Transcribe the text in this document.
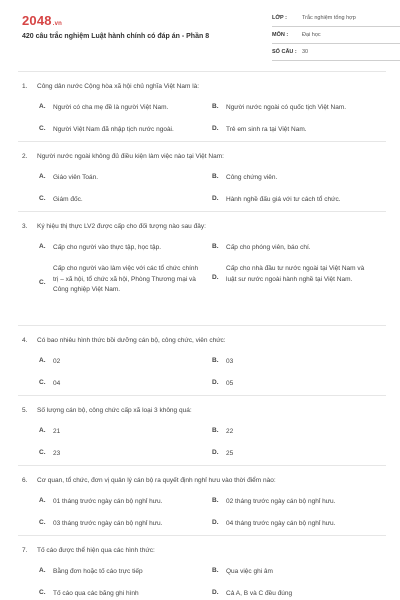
2048.vn
420 câu trắc nghiệm Luật hành chính có đáp án - Phần 8
LỚP :	Trắc nghiệm tổng hợp
MÔN :	Đại học
SỐ CÂU : 30
1. Công dân nước Cộng hòa xã hội chủ nghĩa Việt Nam là:
A. Người có cha mẹ đề là người Việt Nam.	B. Người nước ngoài có quốc tịch Việt Nam.
C. Người Việt Nam đã nhập tịch nước ngoài.	D. Trẻ em sinh ra tại Việt Nam.
2. Người nước ngoài không đủ điều kiện làm việc nào tại Việt Nam:
A. Giáo viên Toán.	B. Công chứng viên.
C. Giám đốc.	D. Hành nghề đấu giá với tư cách tổ chức.
3. Ký hiệu thị thực LV2 được cấp cho đối tượng nào sau đây:
A. Cấp cho người vào thực tập, học tập.	B. Cấp cho phóng viên, báo chí.
C.
Cấp cho người vào làm việc với các tổ chức chính trị – xã hội, tổ chức xã hội, Phòng Thương mại và Công nghiệp Việt Nam.
D.
Cấp cho nhà đầu tư nước ngoài tại Việt Nam và luật sư nước ngoài hành nghề tại Việt Nam.
4. Có bao nhiêu hình thức bồi dưỡng cán bộ, công chức, viên chức:
A. 02	B. 03
C. 04	D. 05
5. Số lượng cán bộ, công chức cấp xã loại 3 không quá:
A. 21	B. 22
C. 23	D. 25
6. Cơ quan, tổ chức, đơn vị quản lý cán bộ ra quyết định nghỉ hưu vào thời điểm nào:
A. 01 tháng trước ngày cán bộ nghỉ hưu.	B. 02 tháng trước ngày cán bộ nghỉ hưu.
C. 03 tháng trước ngày cán bộ nghỉ hưu.	D. 04 tháng trước ngày cán bộ nghỉ hưu.
7. Tố cáo được thể hiện qua các hình thức:
A. Bằng đơn hoặc tố cáo trực tiếp	B. Qua việc ghi âm
C. Tố cáo qua các băng ghi hình	D. Cả A, B và C đều đúng
